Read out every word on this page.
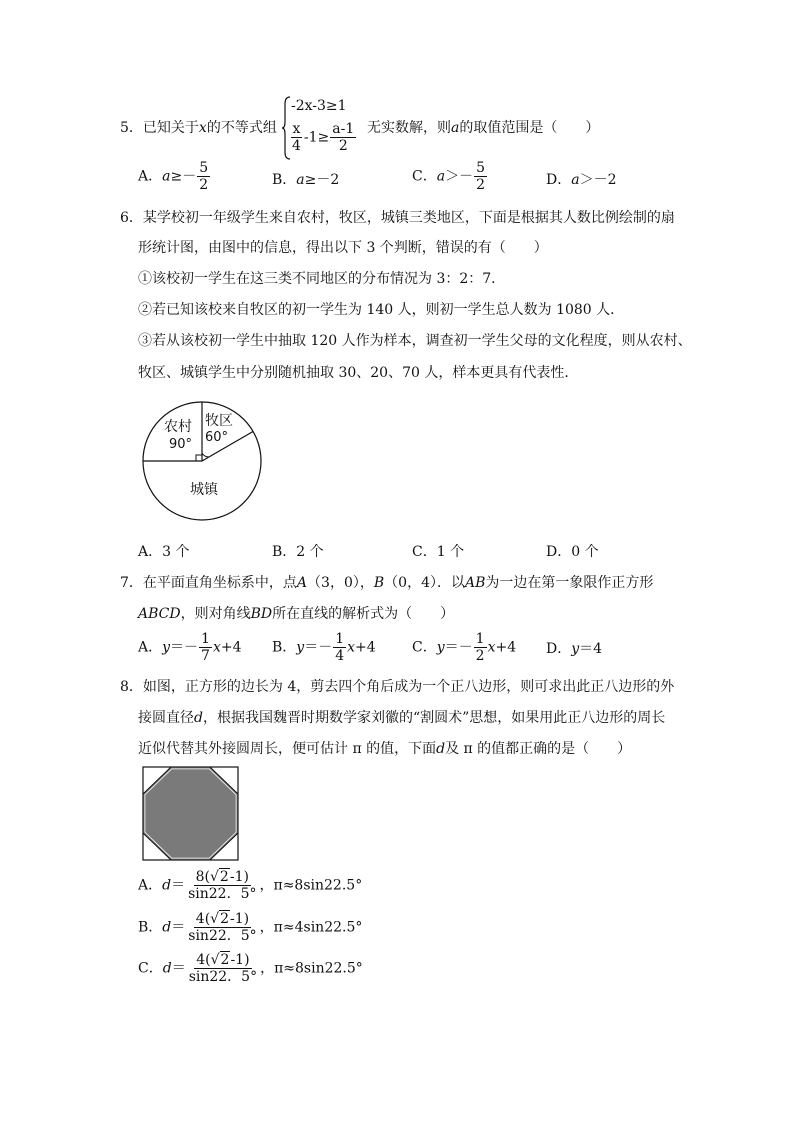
5．已知关于x的不等式组
-2x-3≥1
$\frac{x}{4} -1\ge \frac{a-1}{2}$ 无实数解，则a的取值范围是（　　）
A．$a\ge- \frac{5}{2}$	B．a≥－2	C．$a>- \frac{5}{2}$	D．a＞－2
6．某学校初一年级学生来自农村，牧区，城镇三类地区，下面是根据其人数比例绘制的扇
形统计图，由图中的信息，得出以下 3 个判断，错误的有（　　）
①该校初一学生在这三类不同地区的分布情况为 3：2：7．
②若已知该校来自牧区的初一学生为 140 人，则初一学生总人数为 1080 人．
③若从该校初一学生中抽取 120 人作为样本，调查初一学生父母的文化程度，则从农村、
牧区、城镇学生中分别随机抽取 30、20、70 人，样本更具有代表性．
农村
90°
牧区
60°
城镇
A．3 个	B．2 个	C．1 个	D．0 个
7．在平面直角坐标系中，点A（3，0），B（0，4）．以AB为一边在第一象限作正方形
ABCD，则对角线BD所在直线的解析式为（　　）
A．$y=- \frac{1}{7} x+4$ B．$y=- \frac{1}{4} x+4$	C．$y=- \frac{1}{2} x+4$ D．y＝4
8．如图，正方形的边长为 4，剪去四个角后成为一个正八边形，则可求出此正八边形的外
接圆直径d，根据我国魏晋时期数学家刘徽的“割圆术”思想，如果用此正八边形的周长
近似代替其外接圆周长，便可估计 π 的值，下面d及 π 的值都正确的是（　　）
A．$d= \frac{8(√2-1)}{\sin 22.5^\circ}$ ，π≈8sin22.5°
B．$d= \frac{4(√2-1)}{\sin 22.5^\circ}$ ，π≈4sin22.5°
C．$d= \frac{4(√2-1)}{\sin 22.5^\circ}$ ，π≈8sin22.5°
